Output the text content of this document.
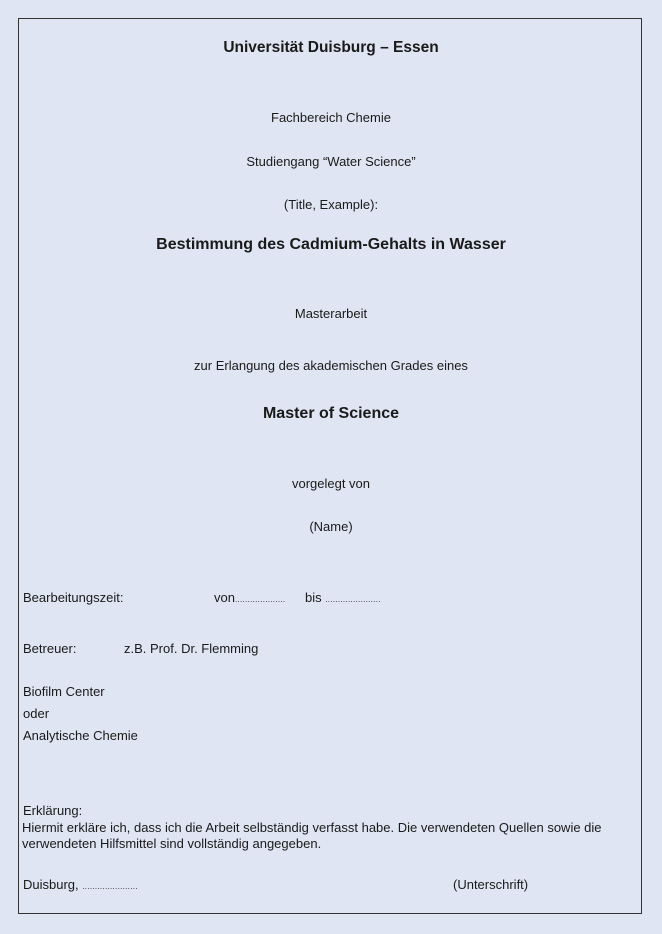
Universität Duisburg – Essen
Fachbereich Chemie
Studiengang “Water Science”
(Title, Example):
Bestimmung des Cadmium-Gehalts in Wasser
Masterarbeit
zur Erlangung des akademischen Grades eines
Master of Science
vorgelegt von
(Name)
Bearbeitungszeit:	von.................... bis ......................
Betreuer:	z.B. Prof. Dr. Flemming
Biofilm Center
oder
Analytische Chemie
Erklärung:
Hiermit erkläre ich, dass ich die Arbeit selbständig verfasst habe. Die verwendeten Quellen sowie die verwendeten Hilfsmittel sind vollständig angegeben.
Duisburg, ......................	(Unterschrift)
